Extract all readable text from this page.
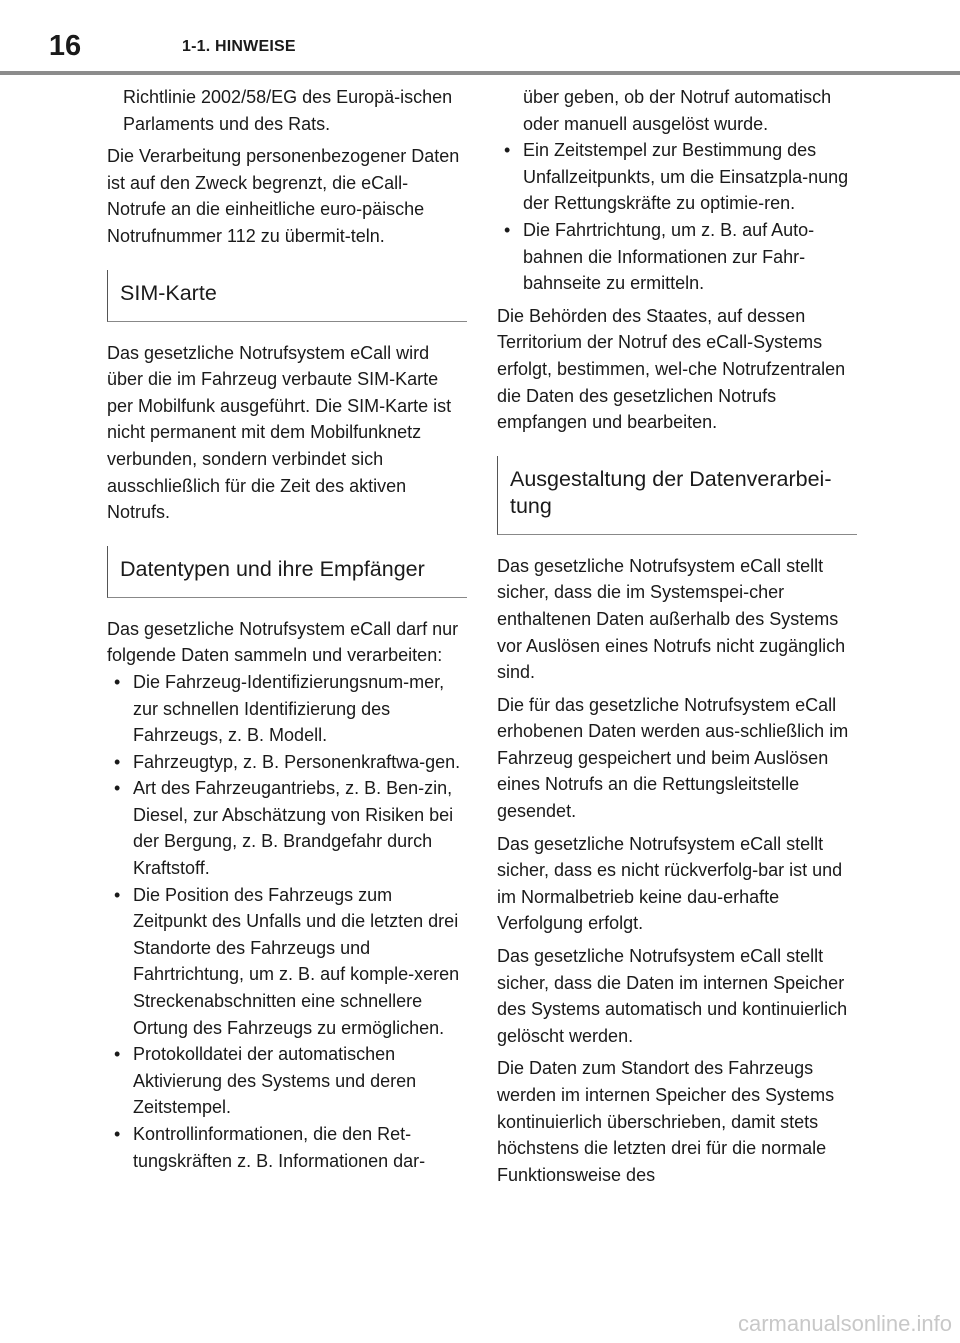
16	1-1. HINWEISE

Richtlinie 2002/58/EG des Europä-ischen Parlaments und des Rats.

Die Verarbeitung personenbezogener Daten ist auf den Zweck begrenzt, die eCall-Notrufe an die einheitliche euro-päische Notrufnummer 112 zu übermit-teln.

SIM-Karte

Das gesetzliche Notrufsystem eCall wird über die im Fahrzeug verbaute SIM-Karte per Mobilfunk ausgeführt. Die SIM-Karte ist nicht permanent mit dem Mobilfunknetz verbunden, sondern verbindet sich ausschließlich für die Zeit des aktiven Notrufs.

Datentypen und ihre Empfänger

Das gesetzliche Notrufsystem eCall darf nur folgende Daten sammeln und verarbeiten:

• Die Fahrzeug-Identifizierungsnum-mer, zur schnellen Identifizierung des Fahrzeugs, z. B. Modell.
• Fahrzeugtyp, z. B. Personenkraftwa-gen.
• Art des Fahrzeugantriebs, z. B. Ben-zin, Diesel, zur Abschätzung von Risiken bei der Bergung, z. B. Brandgefahr durch Kraftstoff.
• Die Position des Fahrzeugs zum Zeitpunkt des Unfalls und die letzten drei Standorte des Fahrzeugs und Fahrtrichtung, um z. B. auf komple-xeren Streckenabschnitten eine schnellere Ortung des Fahrzeugs zu ermöglichen.
• Protokolldatei der automatischen Aktivierung des Systems und deren Zeitstempel.
• Kontrollinformationen, die den Ret-tungskräften z. B. Informationen dar-
über geben, ob der Notruf automatisch oder manuell ausgelöst wurde.
• Ein Zeitstempel zur Bestimmung des Unfallzeitpunkts, um die Einsatzpla-nung der Rettungskräfte zu optimie-ren.
• Die Fahrtrichtung, um z. B. auf Auto-bahnen die Informationen zur Fahr-bahnseite zu ermitteln.

Die Behörden des Staates, auf dessen Territorium der Notruf des eCall-Systems erfolgt, bestimmen, wel-che Notrufzentralen die Daten des gesetzlichen Notrufs empfangen und bearbeiten.

Ausgestaltung der Datenverarbei-tung

Das gesetzliche Notrufsystem eCall stellt sicher, dass die im Systemspei-cher enthaltenen Daten außerhalb des Systems vor Auslösen eines Notrufs nicht zugänglich sind.

Die für das gesetzliche Notrufsystem eCall erhobenen Daten werden aus-schließlich im Fahrzeug gespeichert und beim Auslösen eines Notrufs an die Rettungsleitstelle gesendet.

Das gesetzliche Notrufsystem eCall stellt sicher, dass es nicht rückverfolg-bar ist und im Normalbetrieb keine dau-erhafte Verfolgung erfolgt.

Das gesetzliche Notrufsystem eCall stellt sicher, dass die Daten im internen Speicher des Systems automatisch und kontinuierlich gelöscht werden.

Die Daten zum Standort des Fahrzeugs werden im internen Speicher des Systems kontinuierlich überschrieben, damit stets höchstens die letzten drei für die normale Funktionsweise des

carmanualsonline.info
